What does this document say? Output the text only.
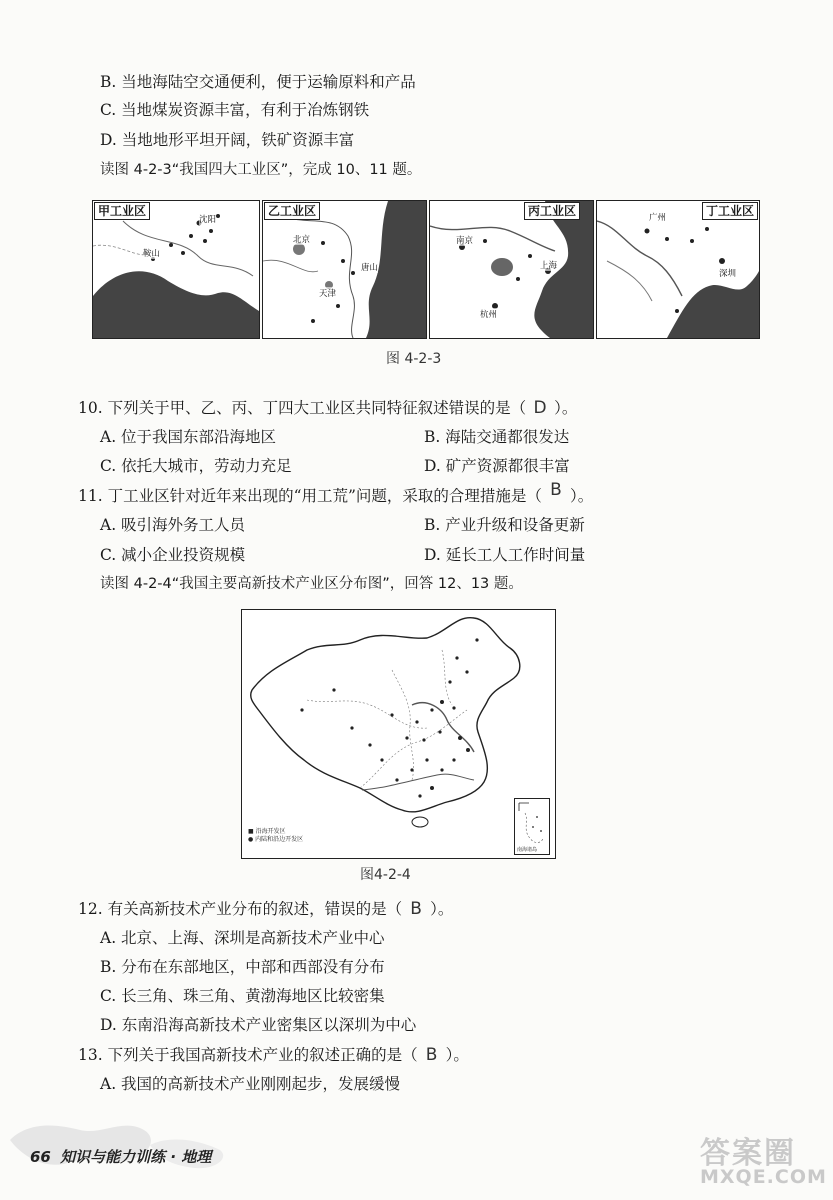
B. 当地海陆空交通便利，便于运输原料和产品
C. 当地煤炭资源丰富，有利于冶炼钢铁
D. 当地地形平坦开阔，铁矿资源丰富
读图 4-2-3“我国四大工业区”，完成 10、11 题。
甲工业区
沈阳
鞍山
乙工业区
北京
唐山
天津
丙工业区
南京
上海
杭州
丁工业区
广州
深圳
图 4-2-3
10. 下列关于甲、乙、丙、丁四大工业区共同特征叙述错误的是（ D ）。
A. 位于我国东部沿海地区	B. 海陆交通都很发达
C. 依托大城市，劳动力充足	D. 矿产资源都很丰富
11. 丁工业区针对近年来出现的“用工荒”问题，采取的合理措施是（ B ）。
A. 吸引海外务工人员	B. 产业升级和设备更新
C. 减小企业投资规模	D. 延长工人工作时间量
读图 4-2-4“我国主要高新技术产业区分布图”，回答 12、13 题。
■ 沿海开发区
● 内陆和沿边开发区
南海诸岛
图4-2-4
12. 有关高新技术产业分布的叙述，错误的是（ B ）。
A. 北京、上海、深圳是高新技术产业中心
B. 分布在东部地区，中部和西部没有分布
C. 长三角、珠三角、黄渤海地区比较密集
D. 东南沿海高新技术产业密集区以深圳为中心
13. 下列关于我国高新技术产业的叙述正确的是（ B ）。
A. 我国的高新技术产业刚刚起步，发展缓慢
66 知识与能力训练 · 地理	答案圈
MXQE.COM
